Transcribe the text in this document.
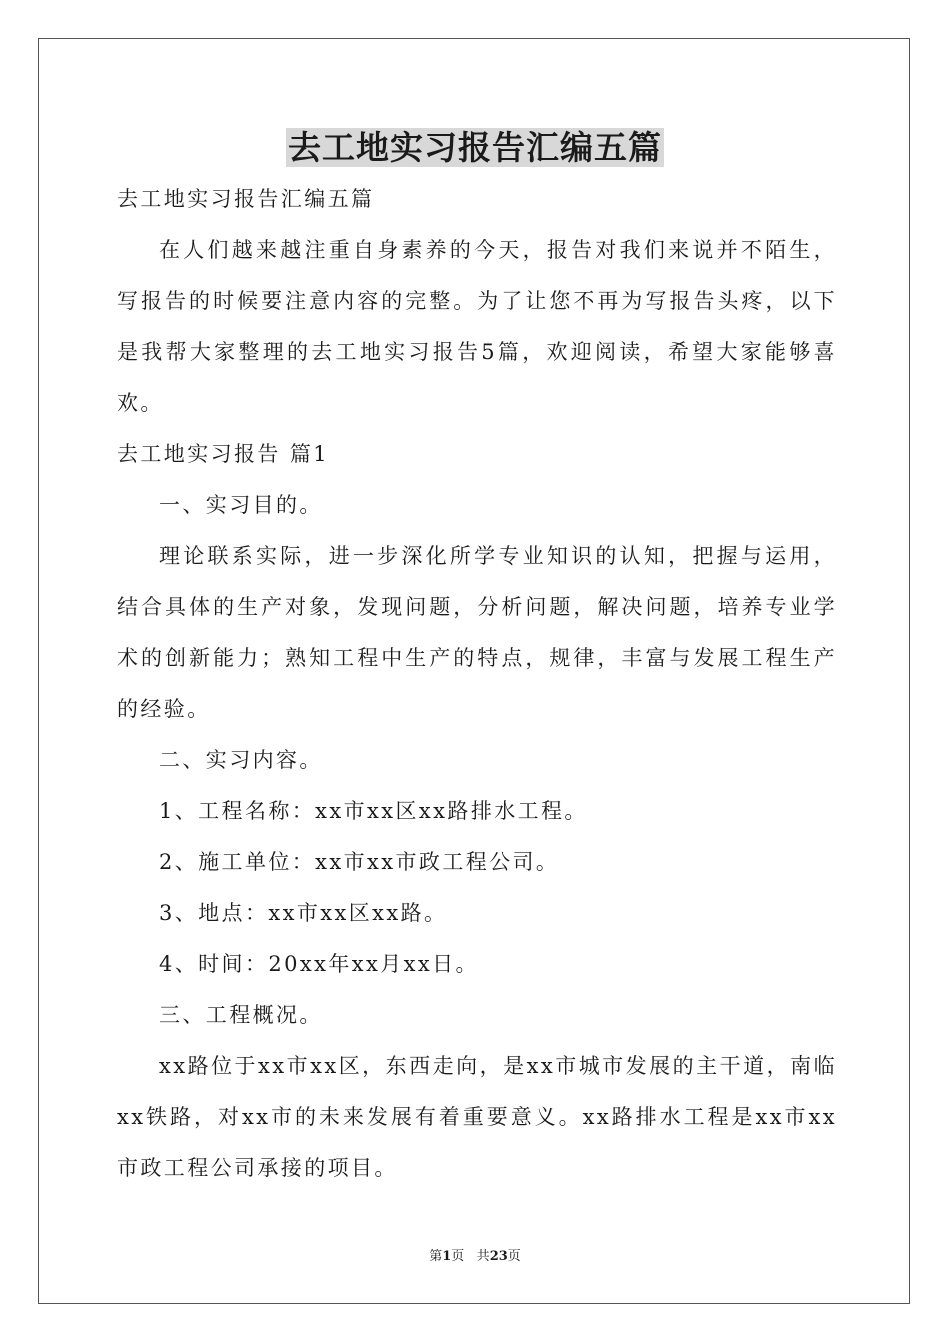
去工地实习报告汇编五篇

去工地实习报告汇编五篇

在人们越来越注重自身素养的今天，报告对我们来说并不陌生，写报告的时候要注意内容的完整。为了让您不再为写报告头疼，以下是我帮大家整理的去工地实习报告5篇，欢迎阅读，希望大家能够喜欢。

去工地实习报告 篇1

一、实习目的。

理论联系实际，进一步深化所学专业知识的认知，把握与运用，结合具体的生产对象，发现问题，分析问题，解决问题，培养专业学术的创新能力；熟知工程中生产的特点，规律，丰富与发展工程生产的经验。

二、实习内容。

1、工程名称：xx市xx区xx路排水工程。

2、施工单位：xx市xx市政工程公司。

3、地点：xx市xx区xx路。

4、时间：20xx年xx月xx日。

三、工程概况。

xx路位于xx市xx区，东西走向，是xx市城市发展的主干道，南临xx铁路，对xx市的未来发展有着重要意义。xx路排水工程是xx市xx市政工程公司承接的项目。

第1页 共23页
